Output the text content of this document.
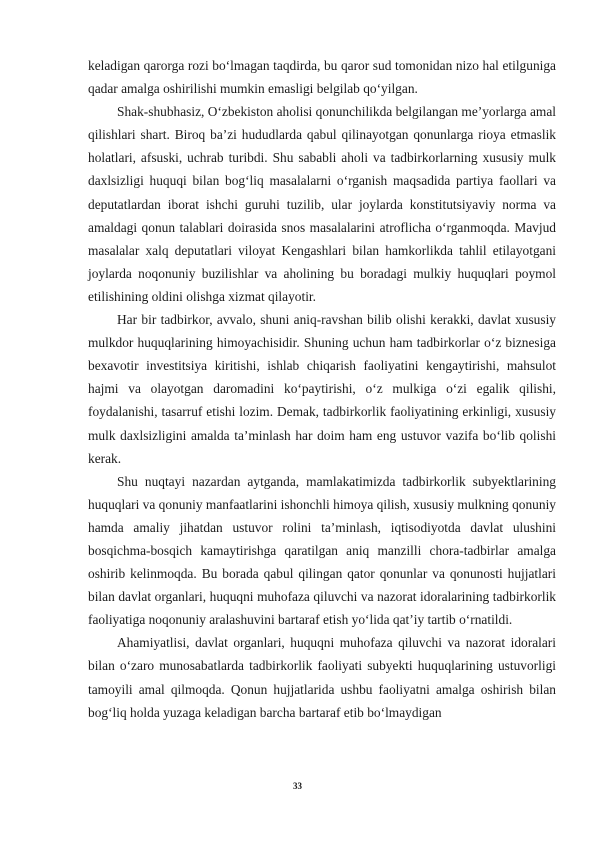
keladigan qarorga rozi boʻlmagan taqdirda, bu qaror sud tomonidan nizo hal etilguniga qadar amalga oshirilishi mumkin emasligi belgilab qoʻyilgan.

Shak-shubhasiz, Oʻzbekiston aholisi qonunchilikda belgilangan meʼyorlarga amal qilishlari shart. Biroq baʼzi hududlarda qabul qilinayotgan qonunlarga rioya etmaslik holatlari, afsuski, uchrab turibdi. Shu sababli aholi va tadbirkorlarning xususiy mulk daxlsizligi huquqi bilan bogʻliq masalalarni oʻrganish maqsadida partiya faollari va deputatlardan iborat ishchi guruhi tuzilib, ular joylarda konstitutsiyaviy norma va amaldagi qonun talablari doirasida snos masalalarini atroflicha oʻrganmoqda. Mavjud masalalar xalq deputatlari viloyat Kengashlari bilan hamkorlikda tahlil etilayotgani joylarda noqonuniy buzilishlar va aholining bu boradagi mulkiy huquqlari poymol etilishining oldini olishga xizmat qilayotir.

Har bir tadbirkor, avvalo, shuni aniq-ravshan bilib olishi kerakki, davlat xususiy mulkdor huquqlarining himoyachisidir. Shuning uchun ham tadbirkorlar oʻz biznesiga bexavotir investitsiya kiritishi, ishlab chiqarish faoliyatini kengaytirishi, mahsulot hajmi va olayotgan daromadini koʻpaytirishi, oʻz mulkiga oʻzi egalik qilishi, foydalanishi, tasarruf etishi lozim. Demak, tadbirkorlik faoliyatining erkinligi, xususiy mulk daxlsizligini amalda taʼminlash har doim ham eng ustuvor vazifa boʻlib qolishi kerak.

Shu nuqtayi nazardan aytganda, mamlakatimizda tadbirkorlik subyektlarining huquqlari va qonuniy manfaatlarini ishonchli himoya qilish, xususiy mulkning qonuniy hamda amaliy jihatdan ustuvor rolini taʼminlash, iqtisodiyotda davlat ulushini bosqichma-bosqich kamaytirishga qaratilgan aniq manzilli chora-tadbirlar amalga oshirib kelinmoqda. Bu borada qabul qilingan qator qonunlar va qonunosti hujjatlari bilan davlat organlari, huquqni muhofaza qiluvchi va nazorat idoralarining tadbirkorlik faoliyatiga noqonuniy aralashuvini bartaraf etish yoʻlida qatʼiy tartib oʻrnatildi.

Ahamiyatlisi, davlat organlari, huquqni muhofaza qiluvchi va nazorat idoralari bilan oʻzaro munosabatlarda tadbirkorlik faoliyati subyekti huquqlarining ustuvorligi tamoyili amal qilmoqda. Qonun hujjatlarida ushbu faoliyatni amalga oshirish bilan bogʻliq holda yuzaga keladigan barcha bartaraf etib boʻlmaydigan

33
